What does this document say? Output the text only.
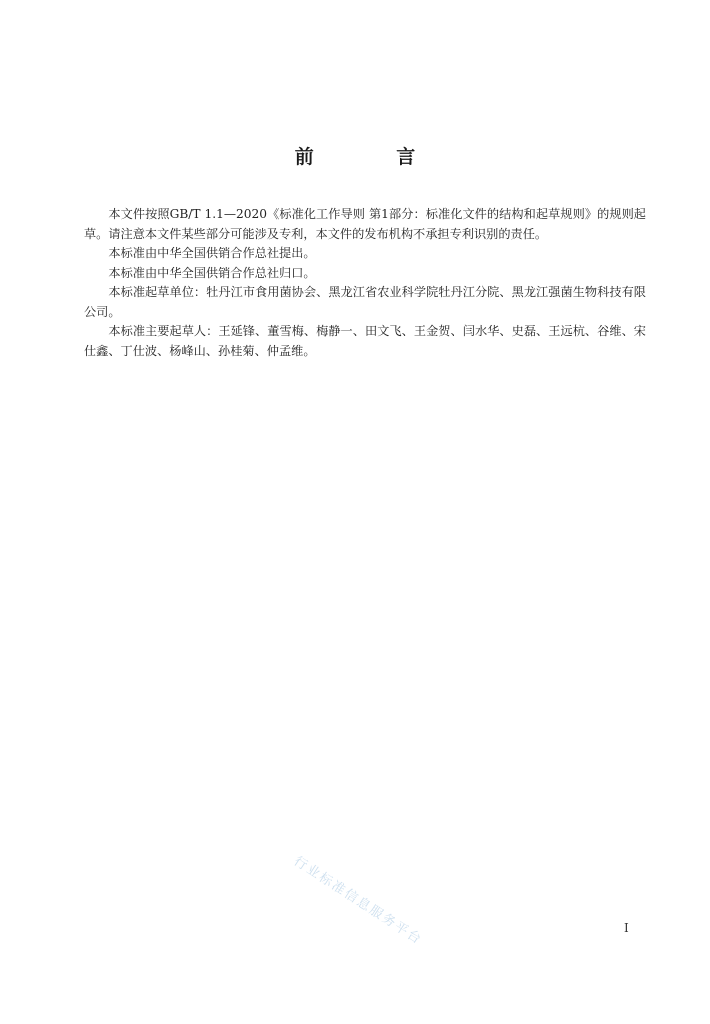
前 言

本文件按照GB/T 1.1—2020《标准化工作导则 第1部分：标准化文件的结构和起草规则》的规则起草。请注意本文件某些部分可能涉及专利，本文件的发布机构不承担专利识别的责任。

本标准由中华全国供销合作总社提出。

本标准由中华全国供销合作总社归口。

本标准起草单位：牡丹江市食用菌协会、黑龙江省农业科学院牡丹江分院、黑龙江强菌生物科技有限公司。

本标准主要起草人：王延锋、董雪梅、梅静一、田文飞、王金贺、闫水华、史磊、王远杭、谷维、宋仕鑫、丁仕波、杨峰山、孙桂菊、仲孟维。

行业标准信息服务平台	I
